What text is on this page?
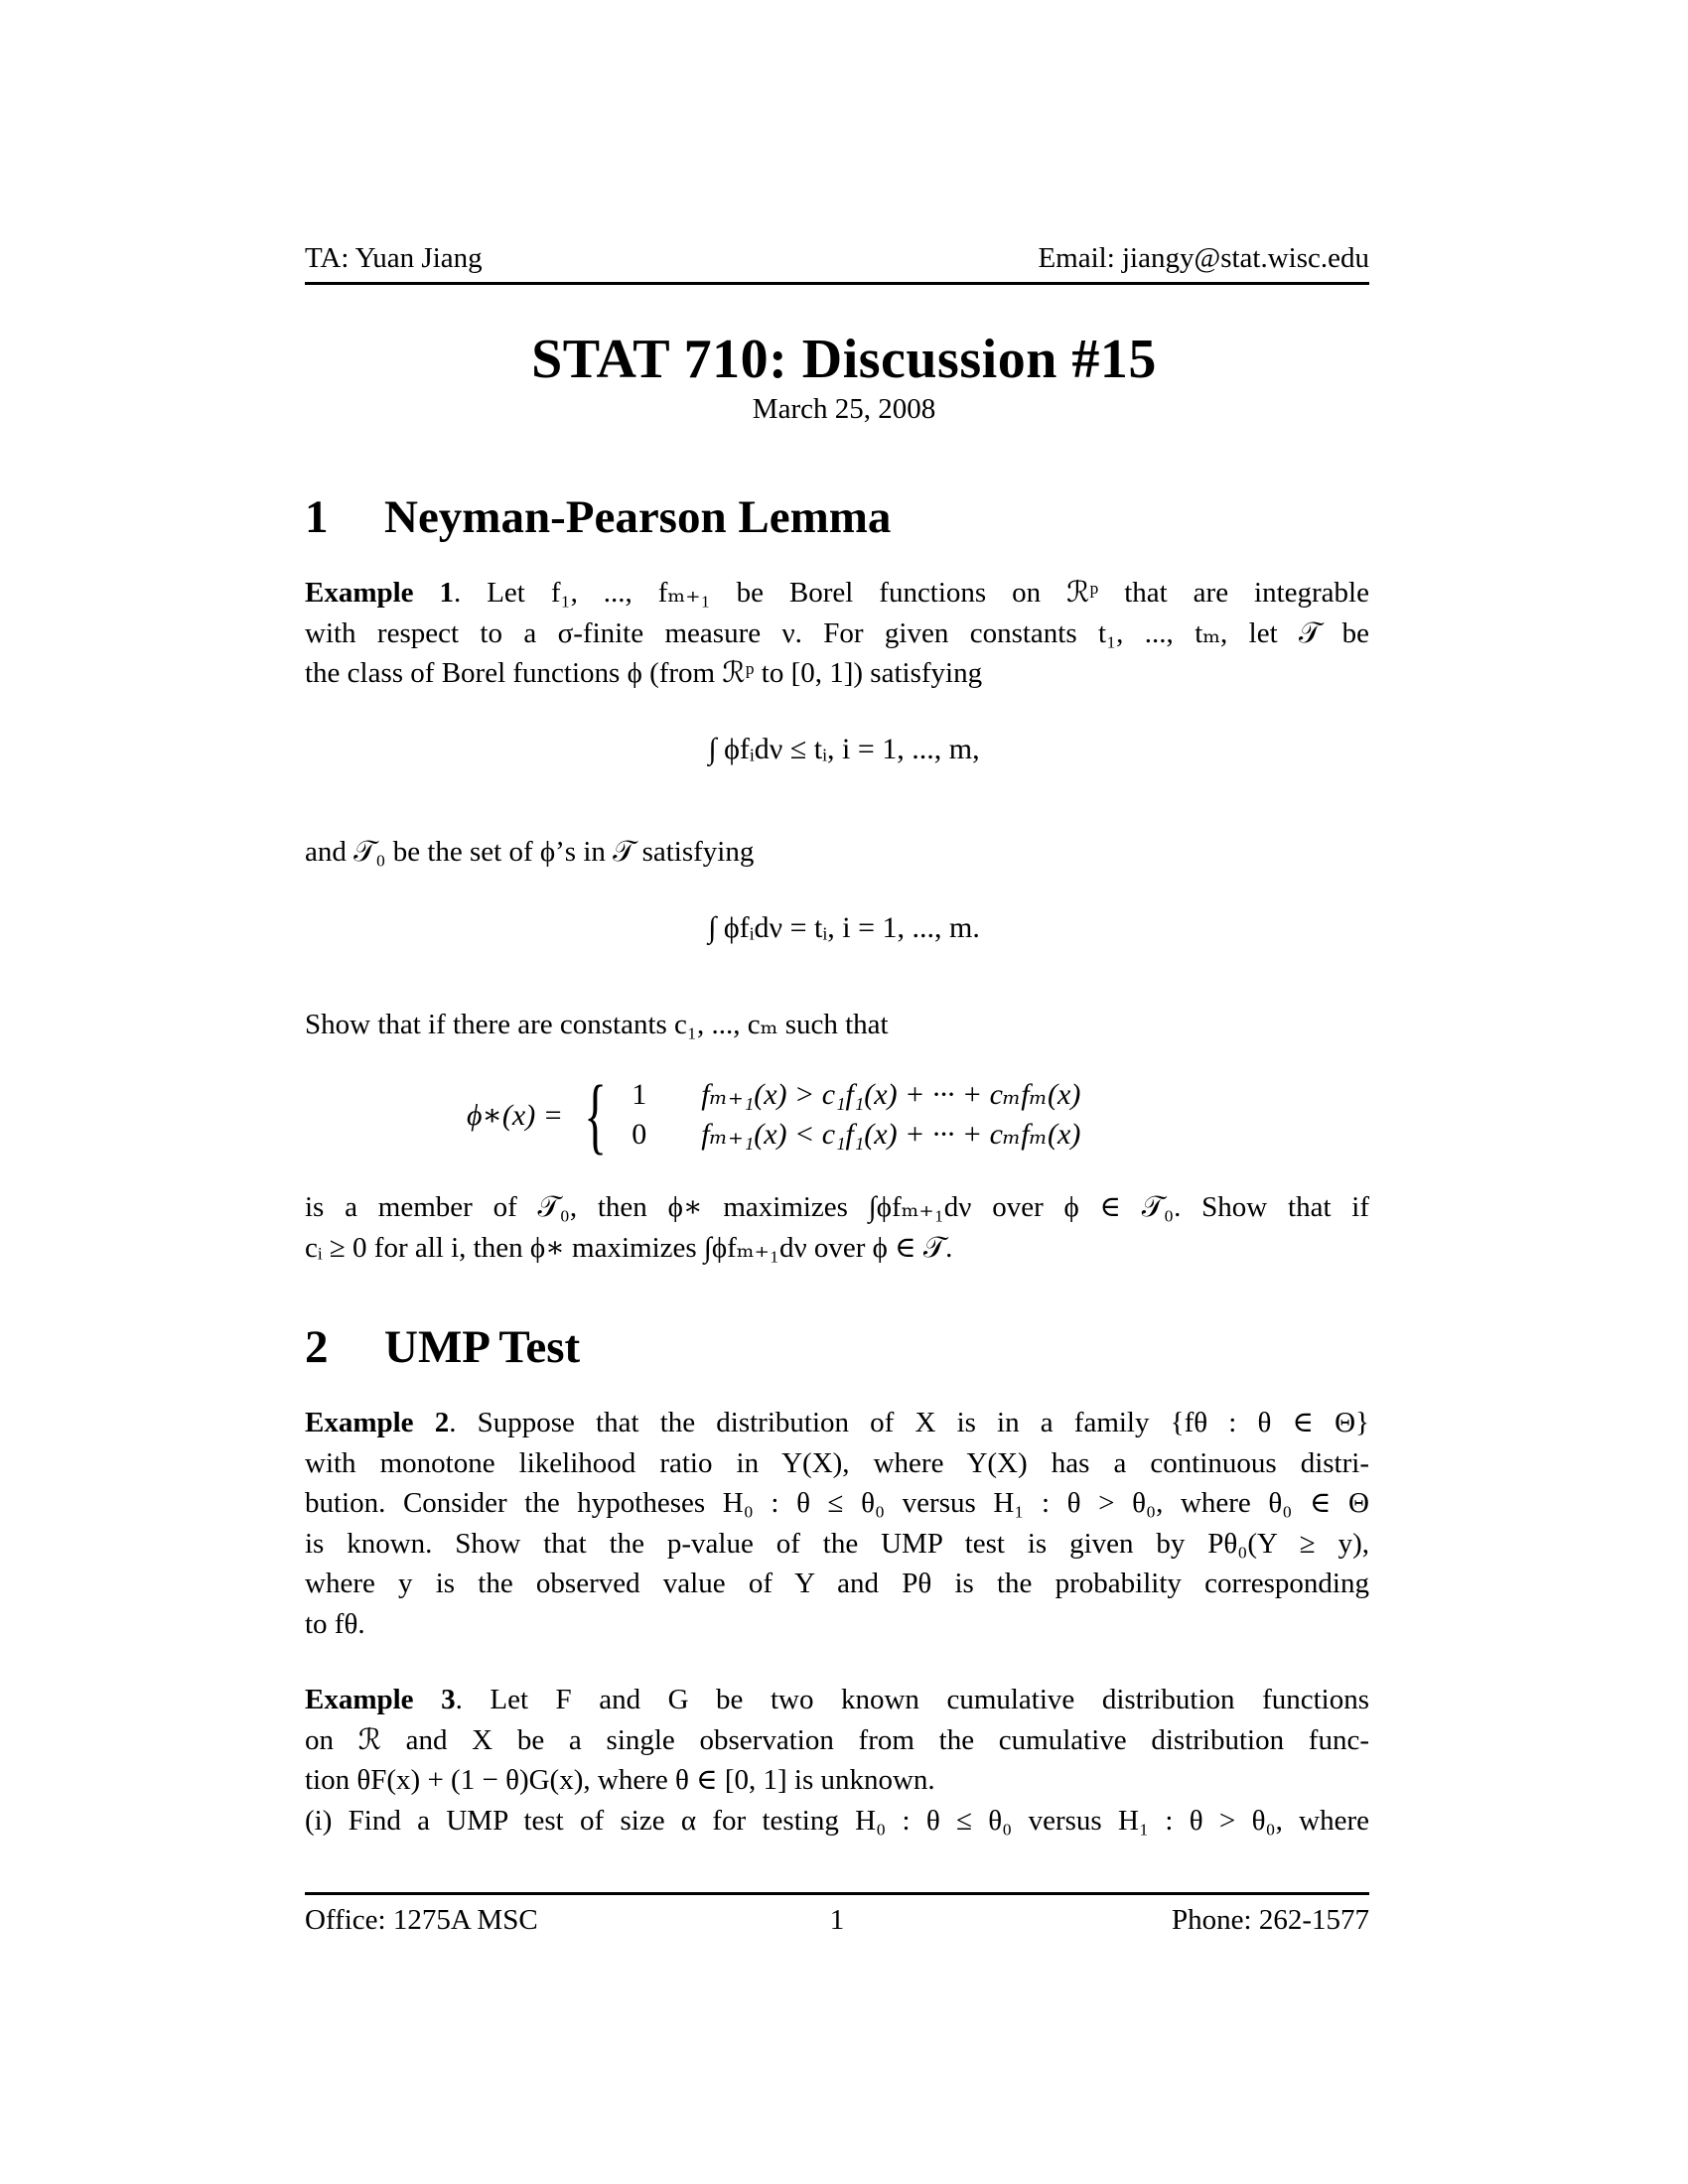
TA: Yuan Jiang	Email: jiangy@stat.wisc.edu
STAT 710: Discussion #15
March 25, 2008
1 Neyman-Pearson Lemma
Example 1. Let f₁, ..., fₘ₊₁ be Borel functions on ℛᵖ that are integrable
with respect to a σ-finite measure ν. For given constants t₁, ..., tₘ, let 𝒯 be
the class of Borel functions ϕ (from ℛᵖ to [0, 1]) satisfying
∫ ϕfᵢdν ≤ tᵢ, i = 1, ..., m,
and 𝒯₀ be the set of ϕ’s in 𝒯 satisfying
∫ ϕfᵢdν = tᵢ, i = 1, ..., m.
Show that if there are constants c₁, ..., cₘ such that
ϕ∗(x) = { 1	fₘ₊₁(x) > c₁f₁(x) + ··· + cₘfₘ(x)
0	fₘ₊₁(x) < c₁f₁(x) + ··· + cₘfₘ(x)
is a member of 𝒯₀, then ϕ∗ maximizes ∫ϕfₘ₊₁dν over ϕ ∈ 𝒯₀. Show that if
cᵢ ≥ 0 for all i, then ϕ∗ maximizes ∫ϕfₘ₊₁dν over ϕ ∈ 𝒯.
2 UMP Test
Example 2. Suppose that the distribution of X is in a family {fθ : θ ∈ Θ}
with monotone likelihood ratio in Y(X), where Y(X) has a continuous distri-
bution. Consider the hypotheses H₀ : θ ≤ θ₀ versus H₁ : θ > θ₀, where θ₀ ∈ Θ
is known. Show that the p-value of the UMP test is given by Pθ₀(Y ≥ y),
where y is the observed value of Y and Pθ is the probability corresponding
to fθ.
Example 3. Let F and G be two known cumulative distribution functions
on ℛ and X be a single observation from the cumulative distribution func-
tion θF(x) + (1 − θ)G(x), where θ ∈ [0, 1] is unknown.
(i) Find a UMP test of size α for testing H₀ : θ ≤ θ₀ versus H₁ : θ > θ₀, where
Office: 1275A MSC	1	Phone: 262-1577
